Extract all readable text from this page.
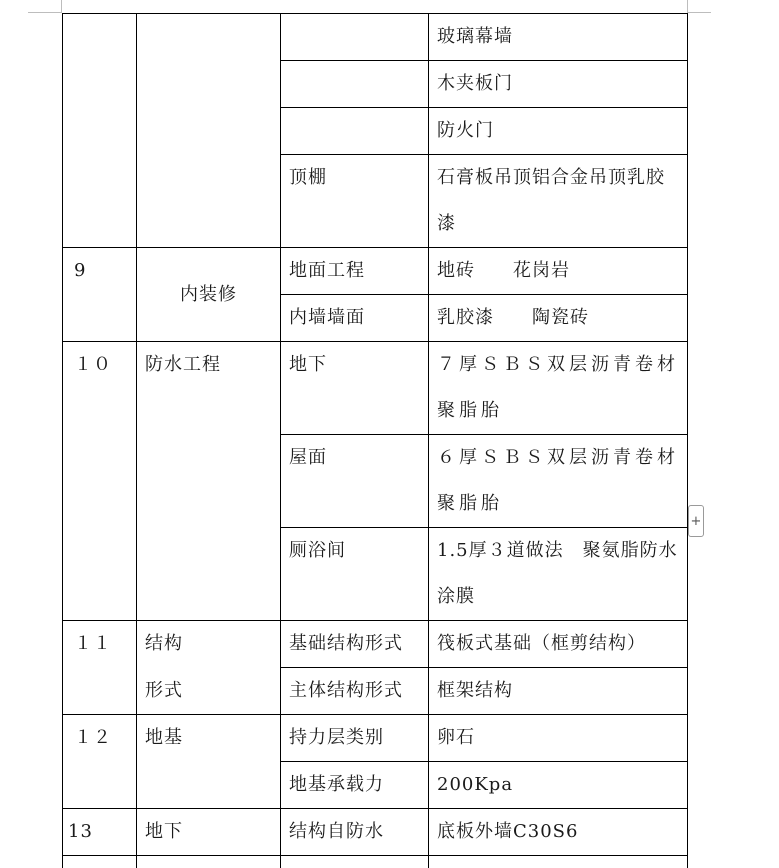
			玻璃幕墙
			木夹板门
			防火门
		顶棚	石膏板吊顶铝合金吊顶乳胶漆
9	内装修	地面工程	地砖　　花岗岩
		内墙墙面	乳胶漆　　陶瓷砖
１０	防水工程	地下	７厚ＳＢＳ双层沥青卷材聚脂胎
		屋面	６厚ＳＢＳ双层沥青卷材聚脂胎
		厕浴间	1.5厚３道做法　聚氨脂防水涂膜
１１	结构	基础结构形式	筏板式基础（框剪结构）
	形式	主体结构形式	框架结构
１２	地基	持力层类别	卵石
		地基承载力	200Kpa
13	地下	结构自防水	底板外墙C30S6

+
